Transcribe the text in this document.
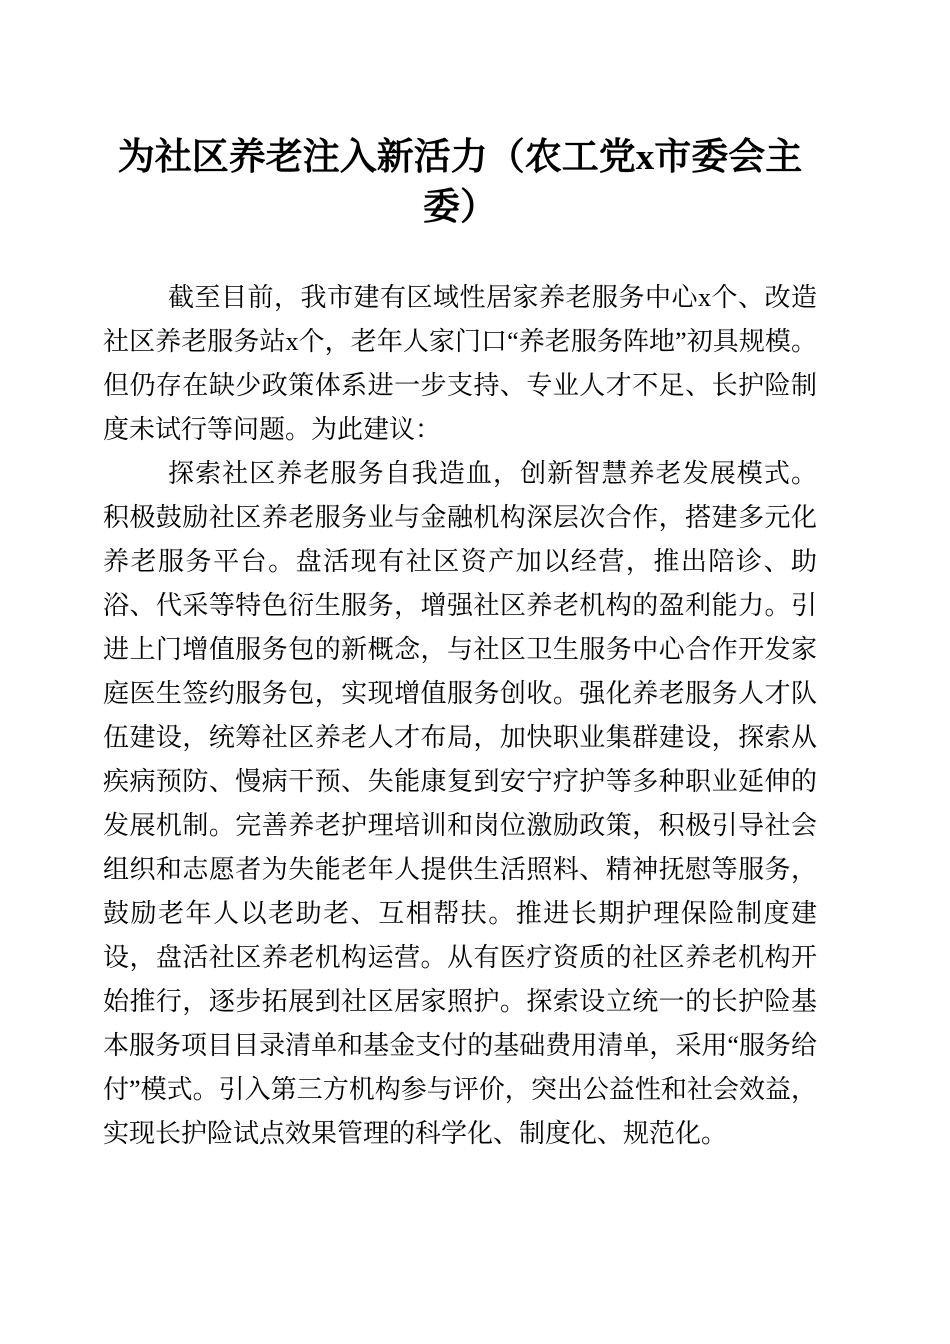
为社区养老注入新活力（农工党x市委会主委）

截至目前，我市建有区域性居家养老服务中心x个、改造社区养老服务站x个，老年人家门口“养老服务阵地”初具规模。但仍存在缺少政策体系进一步支持、专业人才不足、长护险制度未试行等问题。为此建议：

探索社区养老服务自我造血，创新智慧养老发展模式。积极鼓励社区养老服务业与金融机构深层次合作，搭建多元化养老服务平台。盘活现有社区资产加以经营，推出陪诊、助浴、代采等特色衍生服务，增强社区养老机构的盈利能力。引进上门增值服务包的新概念，与社区卫生服务中心合作开发家庭医生签约服务包，实现增值服务创收。强化养老服务人才队伍建设，统筹社区养老人才布局，加快职业集群建设，探索从疾病预防、慢病干预、失能康复到安宁疗护等多种职业延伸的发展机制。完善养老护理培训和岗位激励政策，积极引导社会组织和志愿者为失能老年人提供生活照料、精神抚慰等服务，鼓励老年人以老助老、互相帮扶。推进长期护理保险制度建设，盘活社区养老机构运营。从有医疗资质的社区养老机构开始推行，逐步拓展到社区居家照护。探索设立统一的长护险基本服务项目目录清单和基金支付的基础费用清单，采用“服务给付”模式。引入第三方机构参与评价，突出公益性和社会效益，实现长护险试点效果管理的科学化、制度化、规范化。
